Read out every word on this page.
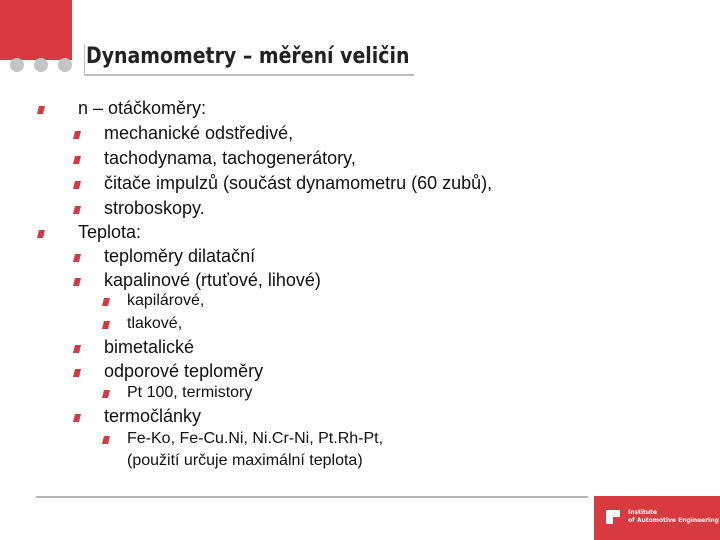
Dynamometry – měření veličin
n – otáčkoměry:
mechanické odstředivé,
tachodynama, tachogenerátory,
čitače impulzů (součást dynamometru (60 zubů),
stroboskopy.
Teplota:
teploměry dilatační
kapalinové (rtuťové, lihové)
kapilárové,
tlakové,
bimetalické
odporové teploměry
Pt 100, termistory
termočlánky
Fe-Ko, Fe-Cu.Ni, Ni.Cr-Ni, Pt.Rh-Pt,
(použití určuje maximální teplota)
Institute
of Automotive Engineering
